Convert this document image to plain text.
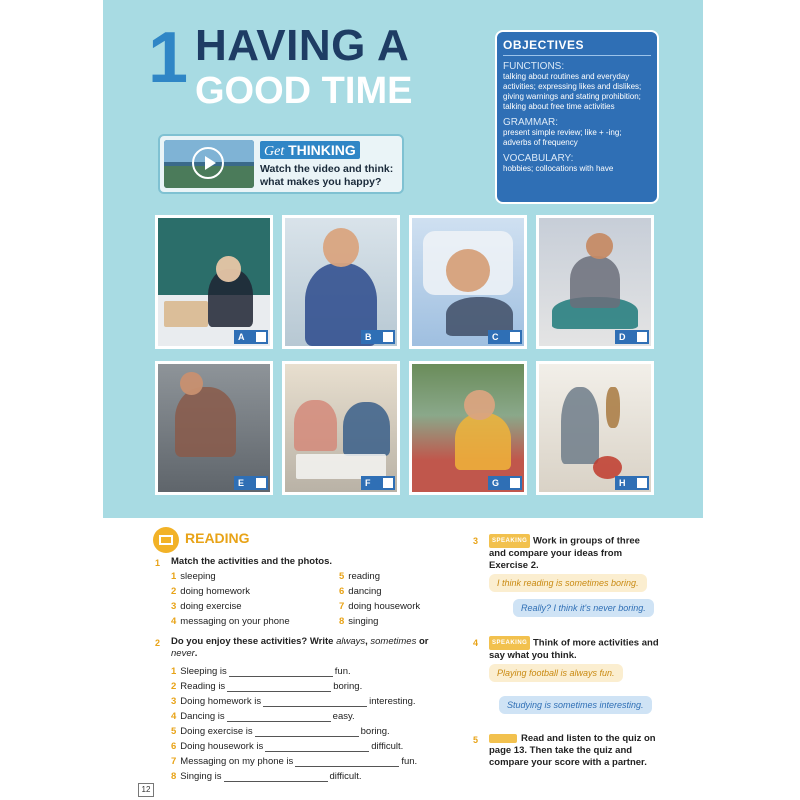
1 HAVING A
GOOD TIME
OBJECTIVES
FUNCTIONS:
talking about routines and everyday activities; expressing likes and dislikes; giving warnings and stating prohibition; talking about free time activities
GRAMMAR:
present simple review; like + -ing; adverbs of frequency
VOCABULARY:
hobbies; collocations with have
Get THINKING
Watch the video and think: what makes you happy?
A	B	C	D
E	F	G	H
READING
1 Match the activities and the photos.
1 sleeping
2 doing homework
3 doing exercise
4 messaging on your phone
5 reading
6 dancing
7 doing housework
8 singing
2 Do you enjoy these activities? Write always, sometimes or never.
1 Sleeping is	fun.
2 Reading is	boring.
3 Doing homework is	interesting.
4 Dancing is	easy.
5 Doing exercise is	boring.
6 Doing housework is	difficult.
7 Messaging on my phone is	fun.
8 Singing is	difficult.
3	SPEAKING Work in groups of three and compare your ideas from Exercise 2.
I think reading is sometimes boring.
Really? I think it's never boring.
4	SPEAKING Think of more activities and say what you think.
Playing football is always fun.
Studying is sometimes interesting.
5	Read and listen to the quiz on page 13. Then take the quiz and compare your score with a partner.
12
